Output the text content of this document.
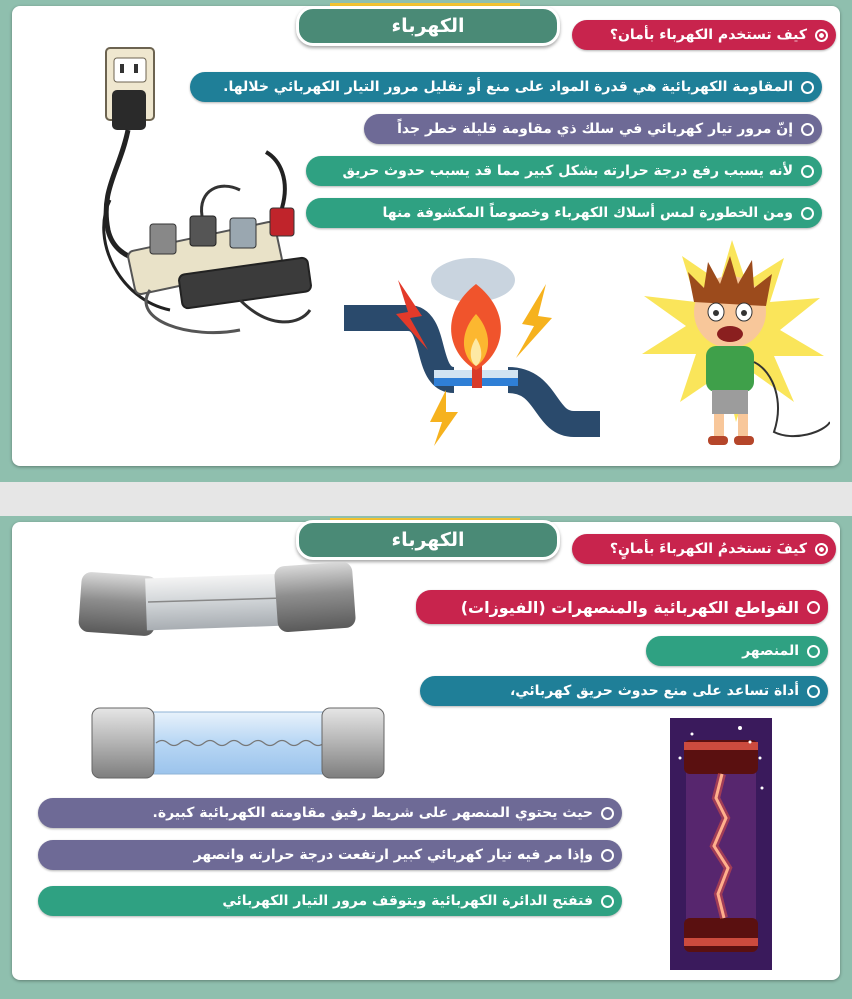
الكهرباء	كيف تستخدم الكهرباء بأمان؟
المقاومة الكهربائية هي قدرة المواد على منع أو تقليل مرور التيار الكهربائي خلالها.
إنّ مرور تيار كهربائي في سلك ذي مقاومة قليلة خطر جداً
لأنه يسبب رفع درجة حرارته بشكل كبير مما قد يسبب حدوث حريق
ومن الخطورة لمس أسلاك الكهرباء وخصوصاً المكشوفة منها
الكهرباء	كيفَ تستخدمُ الكهرباءَ بأمانٍ؟
القواطع الكهربائية والمنصهرات (الفيوزات)
المنصهر
أداة تساعد على منع حدوث حريق كهربائي،
حيث يحتوي المنصهر على شريط رفيق مقاومته الكهربائية كبيرة.
وإذا مر فيه تيار كهربائي كبير ارتفعت درجة حرارته وانصهر
فتفتح الدائرة الكهربائية ويتوقف مرور التيار الكهربائي
